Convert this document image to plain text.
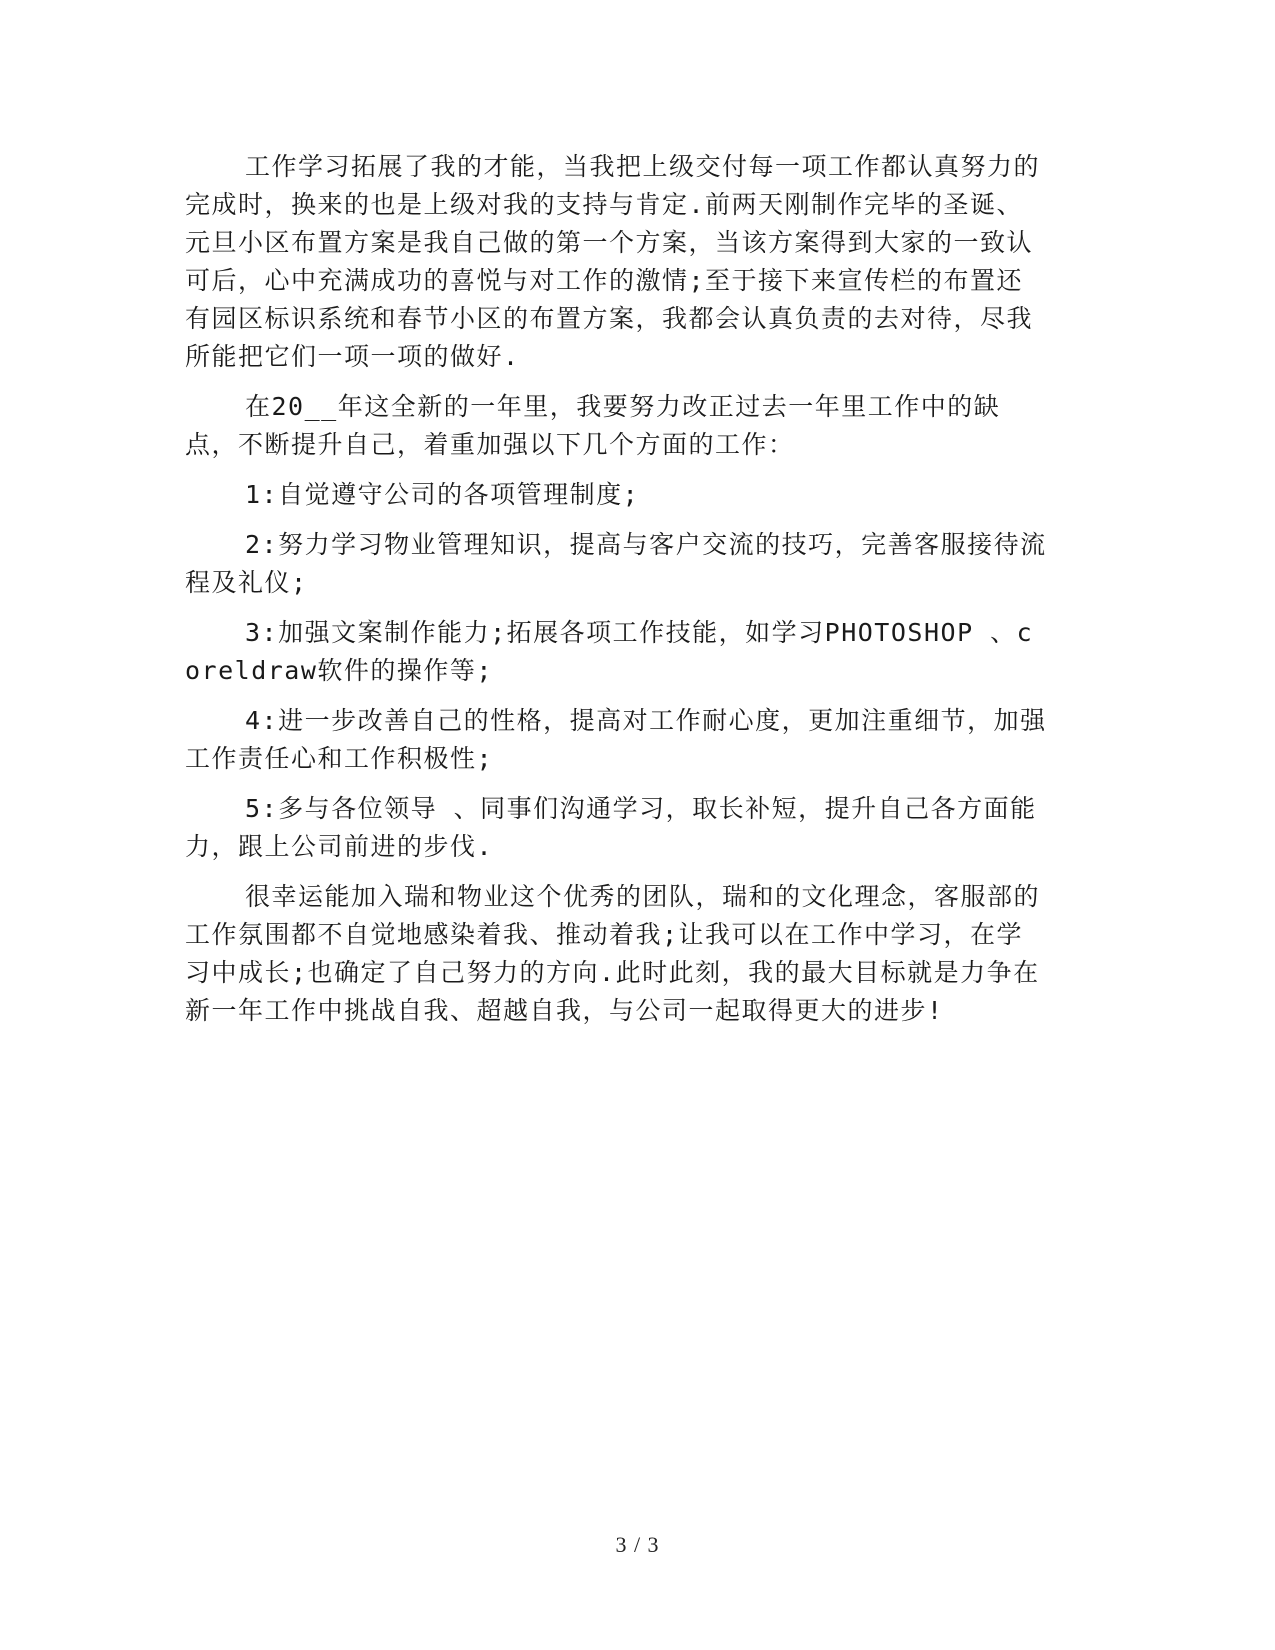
工作学习拓展了我的才能，当我把上级交付每一项工作都认真努力的完成时，换来的也是上级对我的支持与肯定.前两天刚制作完毕的圣诞、元旦小区布置方案是我自己做的第一个方案，当该方案得到大家的一致认可后，心中充满成功的喜悦与对工作的激情;至于接下来宣传栏的布置还有园区标识系统和春节小区的布置方案，我都会认真负责的去对待，尽我所能把它们一项一项的做好.

在20__年这全新的一年里，我要努力改正过去一年里工作中的缺点，不断提升自己，着重加强以下几个方面的工作：

1:自觉遵守公司的各项管理制度;

2:努力学习物业管理知识，提高与客户交流的技巧，完善客服接待流程及礼仪;

3:加强文案制作能力;拓展各项工作技能，如学习PHOTOSHOP 、coreldraw软件的操作等;

4:进一步改善自己的性格，提高对工作耐心度，更加注重细节，加强工作责任心和工作积极性;

5:多与各位领导 、同事们沟通学习，取长补短，提升自己各方面能力，跟上公司前进的步伐.

很幸运能加入瑞和物业这个优秀的团队，瑞和的文化理念，客服部的工作氛围都不自觉地感染着我、推动着我;让我可以在工作中学习，在学习中成长;也确定了自己努力的方向.此时此刻，我的最大目标就是力争在新一年工作中挑战自我、超越自我，与公司一起取得更大的进步!

3 / 3
